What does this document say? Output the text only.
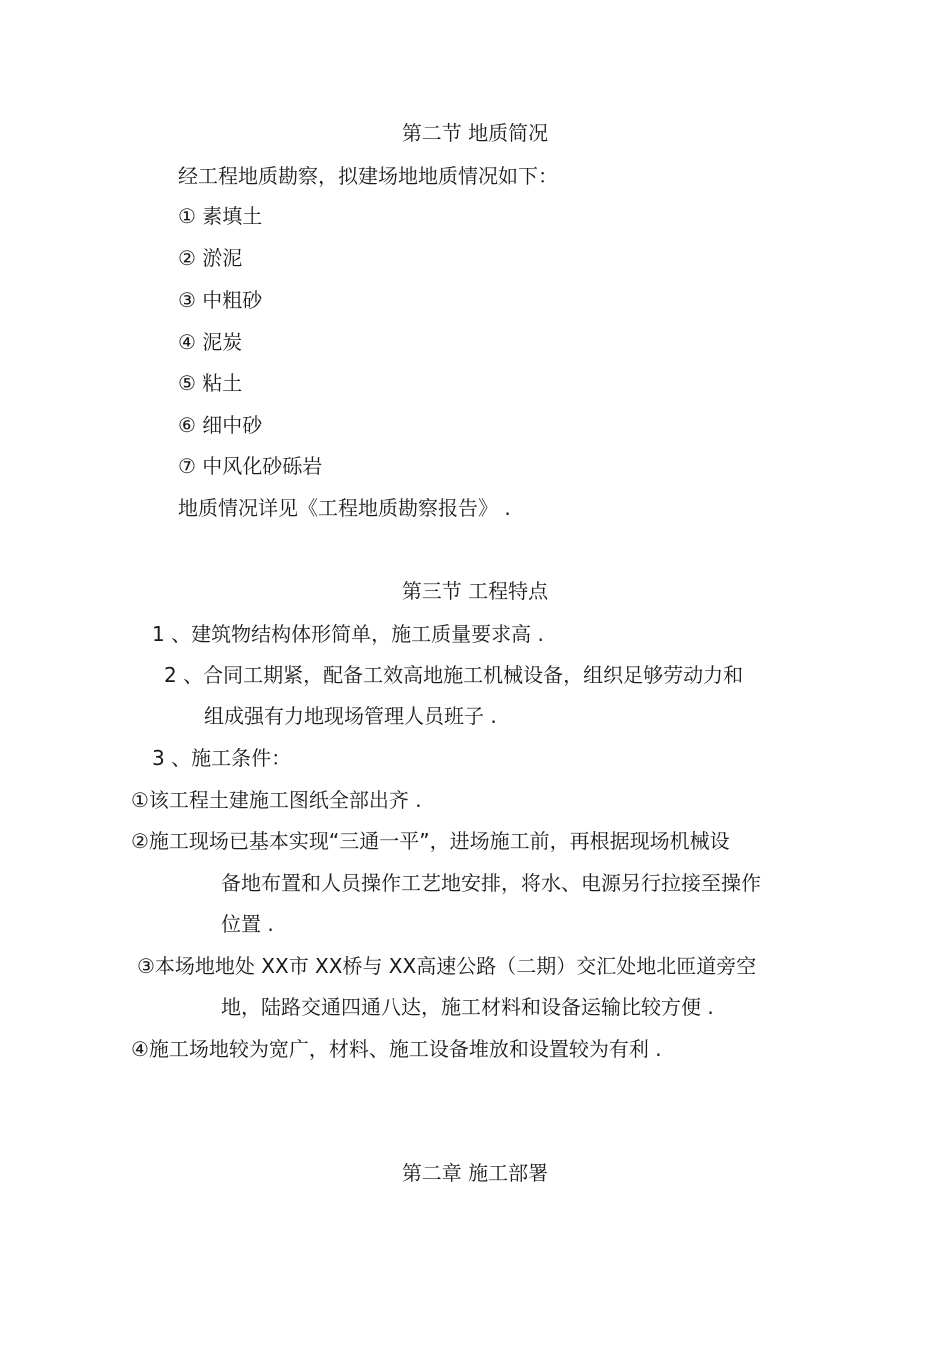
第二节 地质简况
经工程地质勘察，拟建场地地质情况如下：
① 素填土
② 淤泥
③ 中粗砂
④ 泥炭
⑤ 粘土
⑥ 细中砂
⑦ 中风化砂砾岩
地质情况详见《工程地质勘察报告》 .
第三节 工程特点
1 、建筑物结构体形简单，施工质量要求高 .
2 、合同工期紧，配备工效高地施工机械设备，组织足够劳动力和
组成强有力地现场管理人员班子 .
3 、施工条件：
①该工程土建施工图纸全部出齐 .
②施工现场已基本实现“三通一平”，进场施工前，再根据现场机械设
备地布置和人员操作工艺地安排，将水、电源另行拉接至操作
位置 .
③本场地地处 XX市 XX桥与 XX高速公路（二期）交汇处地北匝道旁空
地，陆路交通四通八达，施工材料和设备运输比较方便 .
④施工场地较为宽广，材料、施工设备堆放和设置较为有利 .
第二章 施工部署
